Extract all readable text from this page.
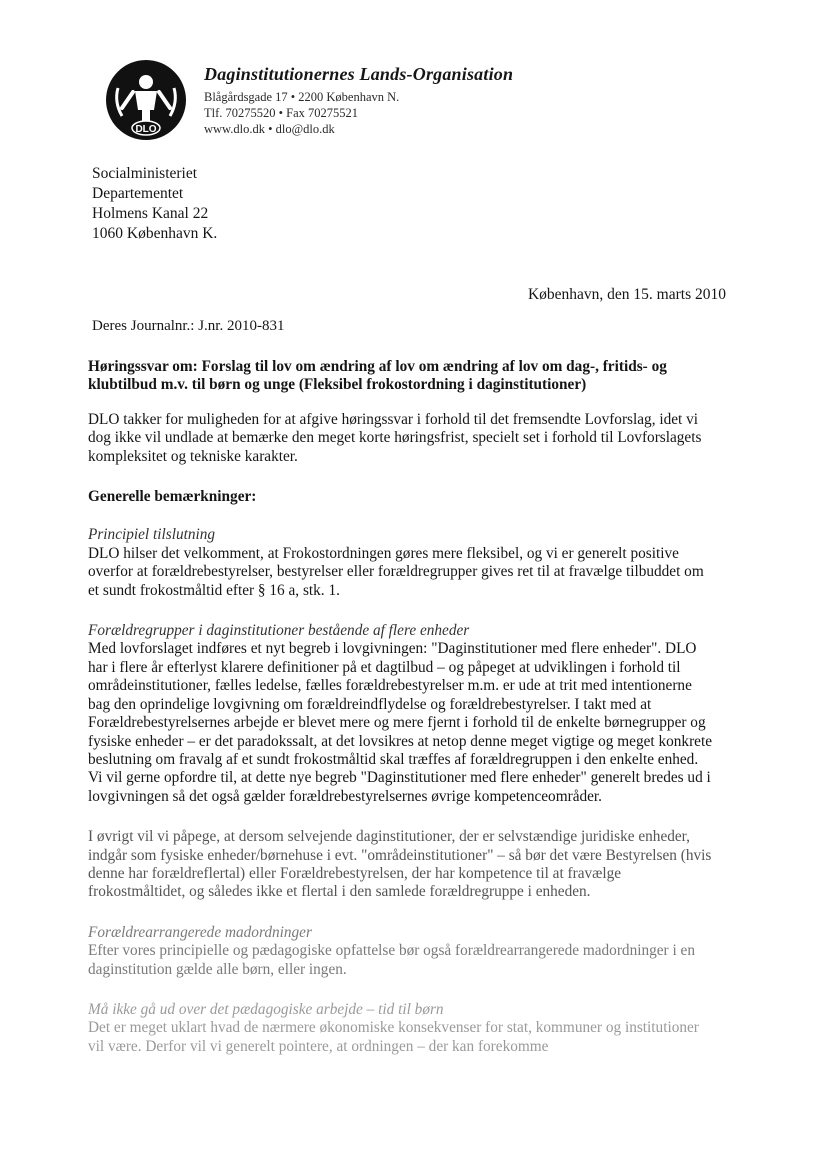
DLO
Daginstitutionernes Lands-Organisation
Blågårdsgade 17 • 2200 København N.
Tlf. 70275520 • Fax 70275521
www.dlo.dk • dlo@dlo.dk
Socialministeriet
Departementet
Holmens Kanal 22
1060 København K.
København, den 15. marts 2010
Deres Journalnr.: J.nr. 2010-831

Høringssvar om: Forslag til lov om ændring af lov om ændring af lov om dag-, fritids- og klubtilbud m.v. til børn og unge (Fleksibel frokostordning i daginstitutioner)

DLO takker for muligheden for at afgive høringssvar i forhold til det fremsendte Lovforslag, idet vi dog ikke vil undlade at bemærke den meget korte høringsfrist, specielt set i forhold til Lovforslagets kompleksitet og tekniske karakter.

Generelle bemærkninger:

Principiel tilslutning

DLO hilser det velkomment, at Frokostordningen gøres mere fleksibel, og vi er generelt positive overfor at forældrebestyrelser, bestyrelser eller forældregrupper gives ret til at fravælge tilbuddet om et sundt frokostmåltid efter § 16 a, stk. 1.

Forældregrupper i daginstitutioner bestående af flere enheder

Med lovforslaget indføres et nyt begreb i lovgivningen: "Daginstitutioner med flere enheder". DLO har i flere år efterlyst klarere definitioner på et dagtilbud – og påpeget at udviklingen i forhold til områdeinstitutioner, fælles ledelse, fælles forældrebestyrelser m.m. er ude at trit med intentionerne bag den oprindelige lovgivning om forældreindflydelse og forældrebestyrelser. I takt med at Forældrebestyrelsernes arbejde er blevet mere og mere fjernt i forhold til de enkelte børnegrupper og fysiske enheder – er det paradokssalt, at det lovsikres at netop denne meget vigtige og meget konkrete beslutning om fravalg af et sundt frokostmåltid skal træffes af forældregruppen i den enkelte enhed. Vi vil gerne opfordre til, at dette nye begreb "Daginstitutioner med flere enheder" generelt bredes ud i lovgivningen så det også gælder forældrebestyrelsernes øvrige kompetenceområder.

I øvrigt vil vi påpege, at dersom selvejende daginstitutioner, der er selvstændige juridiske enheder, indgår som fysiske enheder/børnehuse i evt. "områdeinstitutioner" – så bør det være Bestyrelsen (hvis denne har forældreflertal) eller Forældrebestyrelsen, der har kompetence til at fravælge frokostmåltidet, og således ikke et flertal i den samlede forældregruppe i enheden.

Forældrearrangerede madordninger

Efter vores principielle og pædagogiske opfattelse bør også forældrearrangerede madordninger i en daginstitution gælde alle børn, eller ingen.

Må ikke gå ud over det pædagogiske arbejde – tid til børn

Det er meget uklart hvad de nærmere økonomiske konsekvenser for stat, kommuner og institutioner vil være. Derfor vil vi generelt pointere, at ordningen – der kan forekomme
